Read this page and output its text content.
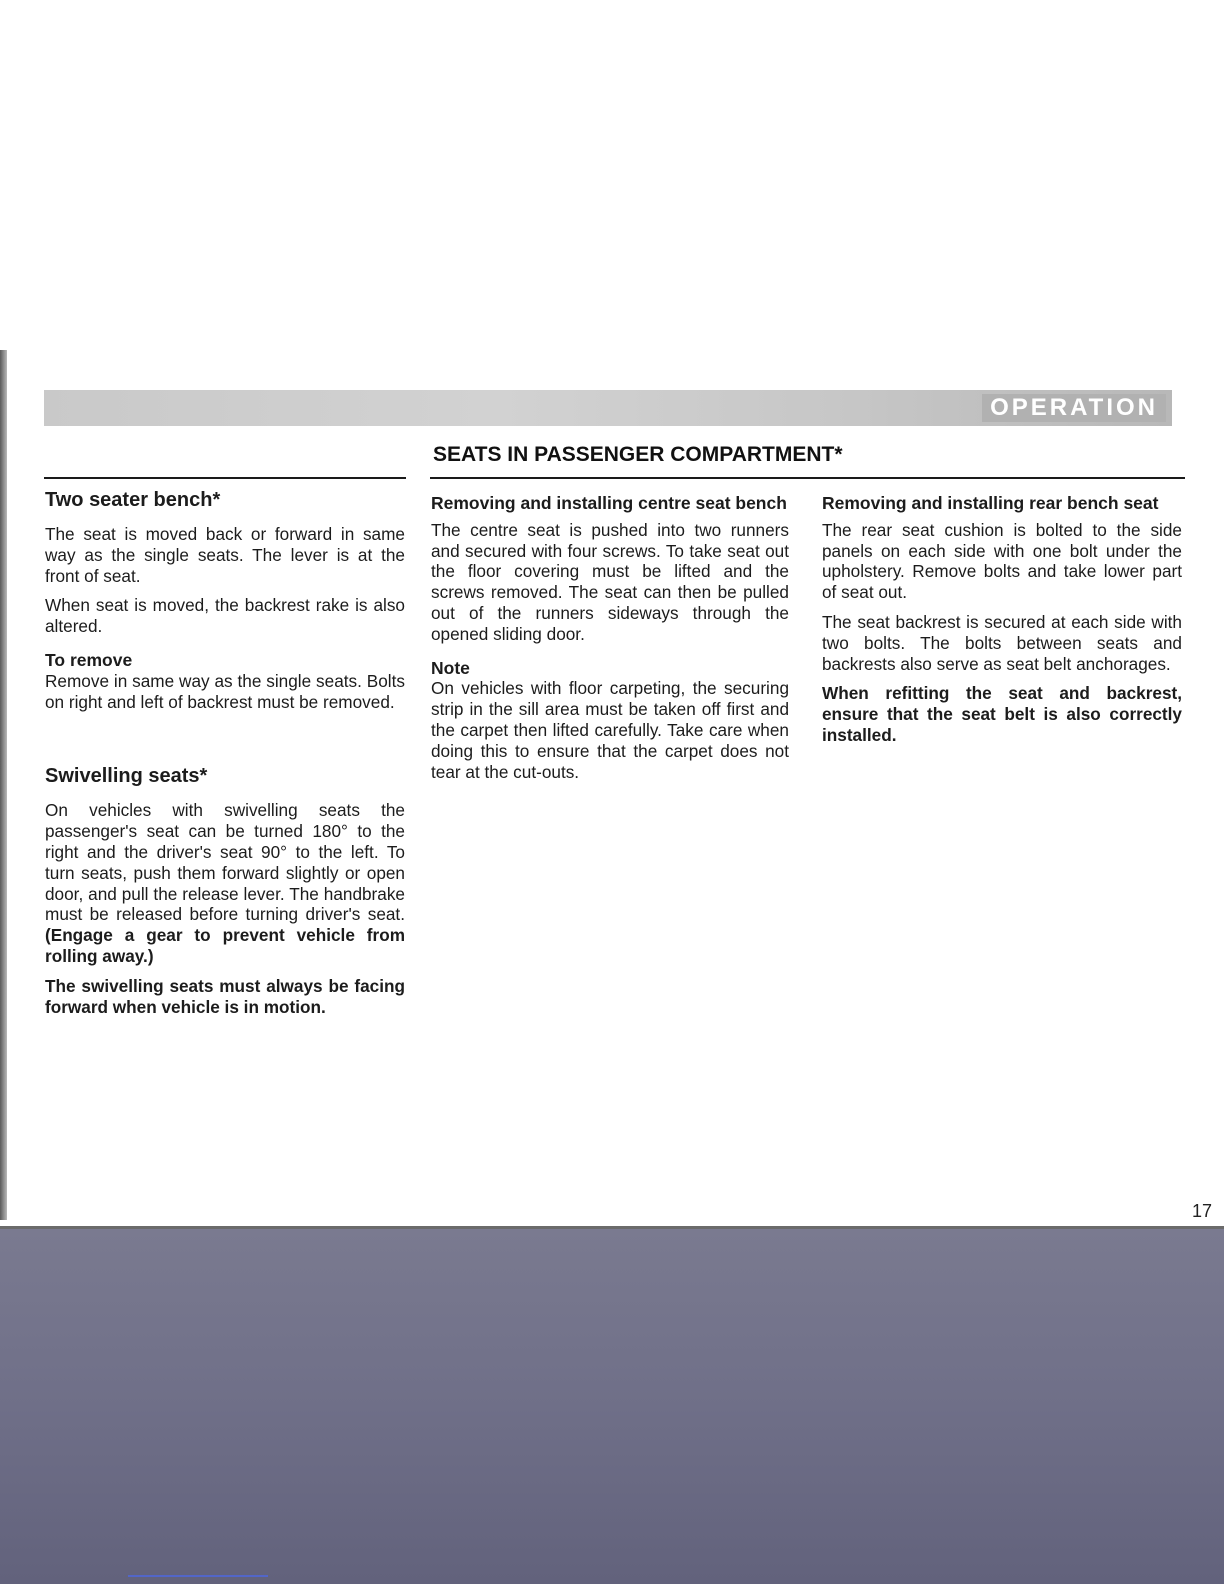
OPERATION
SEATS IN PASSENGER COMPARTMENT*
Two seater bench*

The seat is moved back or forward in same way as the single seats. The lever is at the front of seat.

When seat is moved, the backrest rake is also altered.

To remove

Remove in same way as the single seats. Bolts on right and left of backrest must be removed.

Swivelling seats*

On vehicles with swivelling seats the passenger's seat can be turned 180° to the right and the driver's seat 90° to the left. To turn seats, push them forward slightly or open door, and pull the release lever. The handbrake must be released before turning driver's seat. (Engage a gear to prevent vehicle from rolling away.)

The swivelling seats must always be facing forward when vehicle is in motion.

Removing and installing centre seat bench

The centre seat is pushed into two runners and secured with four screws. To take seat out the floor covering must be lifted and the screws removed. The seat can then be pulled out of the runners sideways through the opened sliding door.

Note

On vehicles with floor carpeting, the securing strip in the sill area must be taken off first and the carpet then lifted carefully. Take care when doing this to ensure that the carpet does not tear at the cut-outs.

Removing and installing rear bench seat

The rear seat cushion is bolted to the side panels on each side with one bolt under the upholstery. Remove bolts and take lower part of seat out.

The seat backrest is secured at each side with two bolts. The bolts between seats and backrests also serve as seat belt anchorages.

When refitting the seat and backrest, ensure that the seat belt is also correctly installed.

17
